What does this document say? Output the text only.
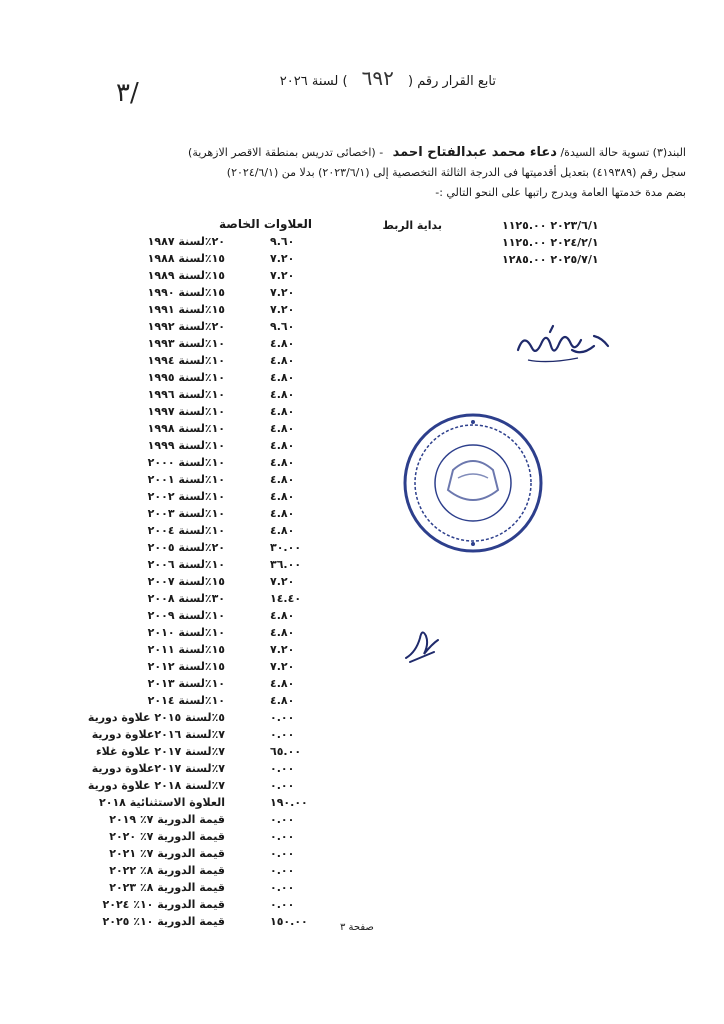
تابع القرار رقم ( ٦٩٢ ) لسنة ٢٠٢٦
٣/
البند(٣) تسوية حالة السيدة/ دعاء محمد عبدالفتاح احمد - (اخصائى تدريس بمنطقة الاقصر الازهرية)
سجل رقم (٤١٩٣٨٩) بتعديل أقدميتها فى الدرجة الثالثة التخصصية إلى (٢٠٢٣/٦/١) بدلا من (٢٠٢٤/٦/١)
بضم مدة خدمتها العامة ويدرج راتبها على النحو التالي :-
بداية الربط	٢٠٢٣/٦/١ ١١٢٥.٠٠
٢٠٢٤/٢/١ ١١٢٥.٠٠
٢٠٢٥/٧/١ ١٢٨٥.٠٠
العلاوات الخاصة
٢٠٪لسنة ١٩٨٧	٩.٦٠
١٥٪لسنة ١٩٨٨	٧.٢٠
١٥٪لسنة ١٩٨٩	٧.٢٠
١٥٪لسنة ١٩٩٠	٧.٢٠
١٥٪لسنة ١٩٩١	٧.٢٠
٢٠٪لسنة ١٩٩٢	٩.٦٠
١٠٪لسنة ١٩٩٣	٤.٨٠
١٠٪لسنة ١٩٩٤	٤.٨٠
١٠٪لسنة ١٩٩٥	٤.٨٠
١٠٪لسنة ١٩٩٦	٤.٨٠
١٠٪لسنة ١٩٩٧	٤.٨٠
١٠٪لسنة ١٩٩٨	٤.٨٠
١٠٪لسنة ١٩٩٩	٤.٨٠
١٠٪لسنة ٢٠٠٠	٤.٨٠
١٠٪لسنة ٢٠٠١	٤.٨٠
١٠٪لسنة ٢٠٠٢	٤.٨٠
١٠٪لسنة ٢٠٠٣	٤.٨٠
١٠٪لسنة ٢٠٠٤	٤.٨٠
٢٠٪لسنة ٢٠٠٥	٣٠.٠٠
١٠٪لسنة ٢٠٠٦	٣٦.٠٠
١٥٪لسنة ٢٠٠٧	٧.٢٠
٣٠٪لسنة ٢٠٠٨	١٤.٤٠
١٠٪لسنة ٢٠٠٩	٤.٨٠
١٠٪لسنة ٢٠١٠	٤.٨٠
١٥٪لسنة ٢٠١١	٧.٢٠
١٥٪لسنة ٢٠١٢	٧.٢٠
١٠٪لسنة ٢٠١٣	٤.٨٠
١٠٪لسنة ٢٠١٤	٤.٨٠
٥٪لسنة ٢٠١٥ علاوة دورية	٠.٠٠
٧٪لسنة ٢٠١٦علاوة دورية	٠.٠٠
٧٪لسنة ٢٠١٧ علاوة غلاء	٦٥.٠٠
٧٪لسنة ٢٠١٧علاوة دورية	٠.٠٠
٧٪لسنة ٢٠١٨ علاوة دورية	٠.٠٠
العلاوة الاستثنائية ٢٠١٨	١٩٠.٠٠
قيمة الدورية ٧٪ ٢٠١٩	٠.٠٠
قيمة الدورية ٧٪ ٢٠٢٠	٠.٠٠
قيمة الدورية ٧٪ ٢٠٢١	٠.٠٠
قيمة الدورية ٨٪ ٢٠٢٢	٠.٠٠
قيمة الدورية ٨٪ ٢٠٢٣	٠.٠٠
قيمة الدورية ١٠٪ ٢٠٢٤	٠.٠٠
قيمة الدورية ١٠٪ ٢٠٢٥	١٥٠.٠٠	صفحة ٣
